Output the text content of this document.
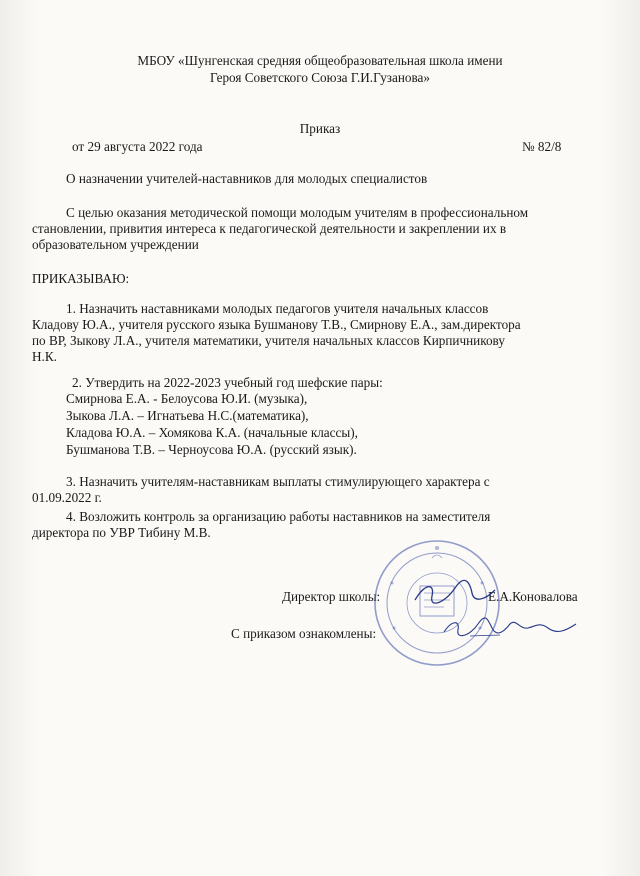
МБОУ «Шунгенская средняя общеобразовательная школа имени
Героя Советского Союза Г.И.Гузанова»
Приказ
от 29 августа 2022 года	№ 82/8
О назначении учителей-наставников для молодых специалистов
С целью оказания методической помощи молодым учителям в профессиональном
становлении, привития интереса к педагогической деятельности и закреплении их в
образовательном учреждении
ПРИКАЗЫВАЮ:
1. Назначить наставниками молодых педагогов учителя начальных классов
Кладову Ю.А., учителя русского языка Бушманову Т.В., Смирнову Е.А., зам.директора
по ВР, Зыкову Л.А., учителя математики, учителя начальных классов Кирпичникову
Н.К.
2. Утвердить на 2022-2023 учебный год шефские пары:
Смирнова Е.А. - Белоусова Ю.И. (музыка),
Зыкова Л.А. – Игнатьева Н.С.(математика),
Кладова Ю.А. – Хомякова К.А. (начальные классы),
Бушманова Т.В. – Черноусова Ю.А. (русский язык).
3. Назначить учителям-наставникам выплаты стимулирующего характера с
01.09.2022 г.
4. Возложить контроль за организацию работы наставников на заместителя
директора по УВР Тибину М.В.
Директор школы:	Е.А.Коновалова
С приказом ознакомлены:
